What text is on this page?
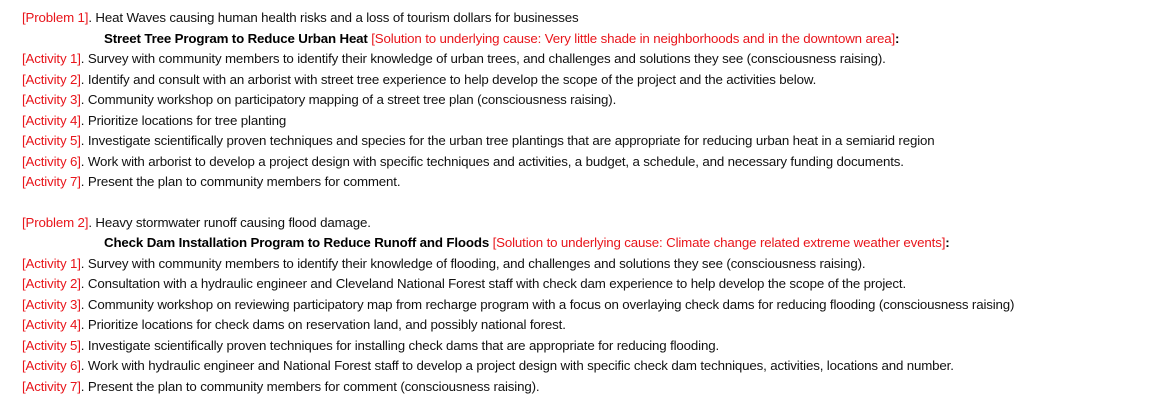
[Problem 1]. Heat Waves causing human health risks and a loss of tourism dollars for businesses
Street Tree Program to Reduce Urban Heat [Solution to underlying cause: Very little shade in neighborhoods and in the downtown area]:
[Activity 1]. Survey with community members to identify their knowledge of urban trees, and challenges and solutions they see (consciousness raising).
[Activity 2]. Identify and consult with an arborist with street tree experience to help develop the scope of the project and the activities below.
[Activity 3]. Community workshop on participatory mapping of a street tree plan (consciousness raising).
[Activity 4]. Prioritize locations for tree planting
[Activity 5]. Investigate scientifically proven techniques and species for the urban tree plantings that are appropriate for reducing urban heat in a semiarid region
[Activity 6]. Work with arborist to develop a project design with specific techniques and activities, a budget, a schedule, and necessary funding documents.
[Activity 7]. Present the plan to community members for comment.
[Problem 2]. Heavy stormwater runoff causing flood damage.
Check Dam Installation Program to Reduce Runoff and Floods [Solution to underlying cause: Climate change related extreme weather events]:
[Activity 1]. Survey with community members to identify their knowledge of flooding, and challenges and solutions they see (consciousness raising).
[Activity 2]. Consultation with a hydraulic engineer and Cleveland National Forest staff with check dam experience to help develop the scope of the project.
[Activity 3]. Community workshop on reviewing participatory map from recharge program with a focus on overlaying check dams for reducing flooding (consciousness raising)
[Activity 4]. Prioritize locations for check dams on reservation land, and possibly national forest.
[Activity 5]. Investigate scientifically proven techniques for installing check dams that are appropriate for reducing flooding.
[Activity 6]. Work with hydraulic engineer and National Forest staff to develop a project design with specific check dam techniques, activities, locations and number.
[Activity 7]. Present the plan to community members for comment (consciousness raising).
